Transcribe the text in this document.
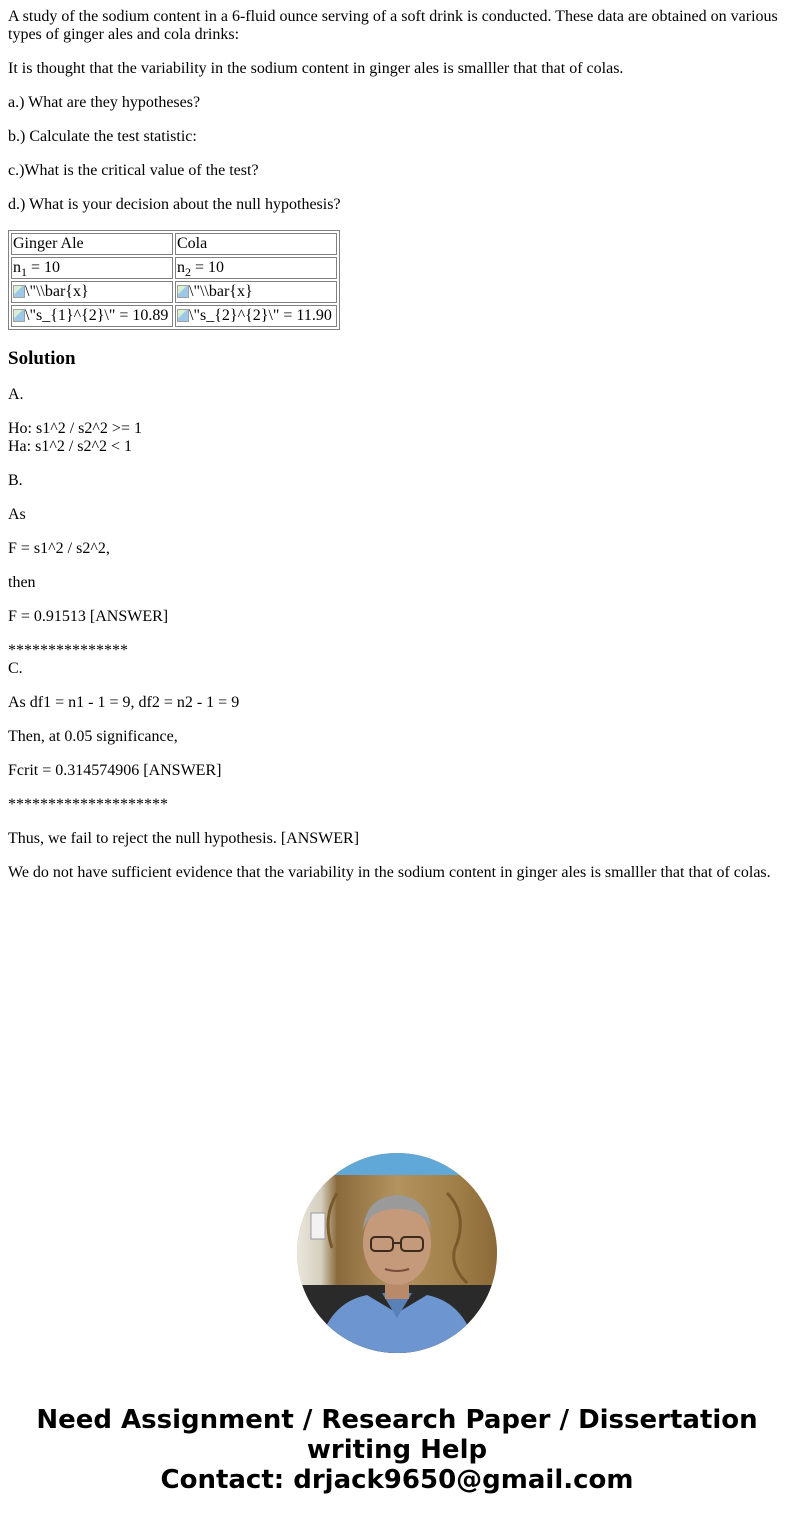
A study of the sodium content in a 6-fluid ounce serving of a soft drink is conducted. These data are obtained on various types of ginger ales and cola drinks:

It is thought that the variability in the sodium content in ginger ales is smalller that that of colas.

a.) What are they hypotheses?

b.) Calculate the test statistic:

c.)What is the critical value of the test?

d.) What is your decision about the null hypothesis?

Ginger Ale	Cola
$n_1 = 10$	$n_2 = 10$
\"\\bar{x}	\"\\bar{x}
\"s_{1}^{2}\" = 10.89	\"s_{2}^{2}\" = 11.90
Solution

A.

Ho: s1^2 / s2^2 >= 1

Ha: s1^2 / s2^2 < 1

B.

As

F = s1^2 / s2^2,

then

F = 0.91513 [ANSWER]

***************

C.

As df1 = n1 - 1 = 9, df2 = n2 - 1 = 9

Then, at 0.05 significance,

Fcrit = 0.314574906 [ANSWER]

********************

Thus, we fail to reject the null hypothesis. [ANSWER]

We do not have sufficient evidence that the variability in the sodium content in ginger ales is smalller that that of colas.

Need Assignment / Research Paper / Dissertation
writing Help
Contact: drjack9650@gmail.com
